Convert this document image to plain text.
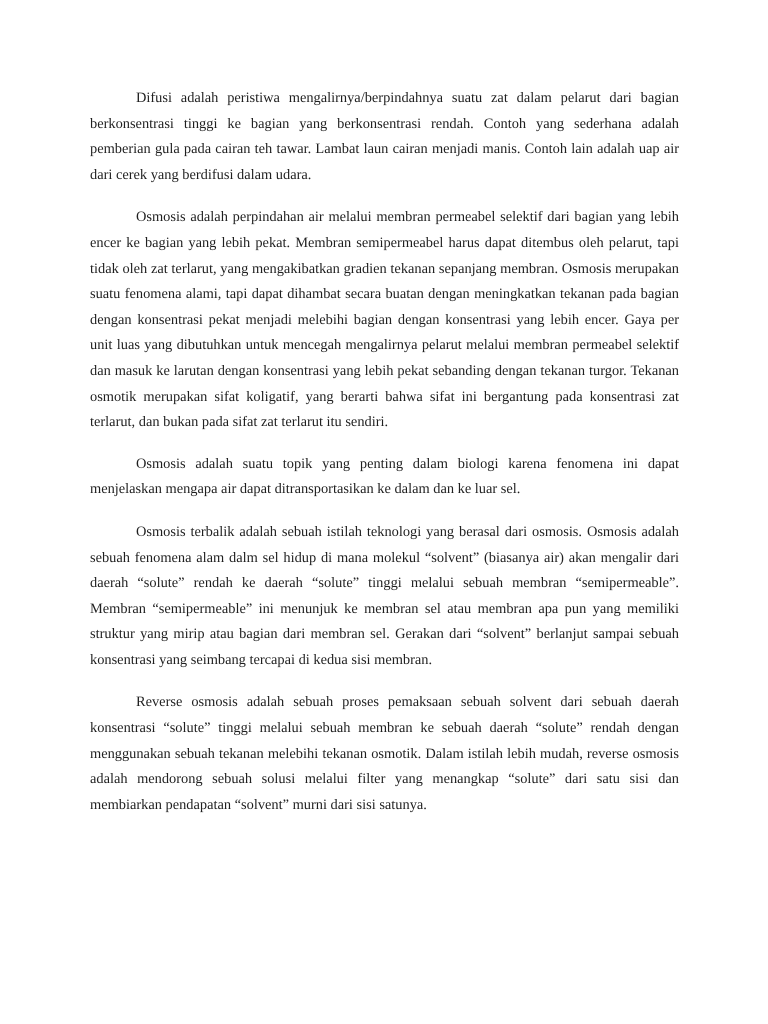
Difusi adalah peristiwa mengalirnya/berpindahnya suatu zat dalam pelarut dari bagian berkonsentrasi tinggi ke bagian yang berkonsentrasi rendah. Contoh yang sederhana adalah pemberian gula pada cairan teh tawar. Lambat laun cairan menjadi manis. Contoh lain adalah uap air dari cerek yang berdifusi dalam udara.

Osmosis adalah perpindahan air melalui membran permeabel selektif dari bagian yang lebih encer ke bagian yang lebih pekat. Membran semipermeabel harus dapat ditembus oleh pelarut, tapi tidak oleh zat terlarut, yang mengakibatkan gradien tekanan sepanjang membran. Osmosis merupakan suatu fenomena alami, tapi dapat dihambat secara buatan dengan meningkatkan tekanan pada bagian dengan konsentrasi pekat menjadi melebihi bagian dengan konsentrasi yang lebih encer. Gaya per unit luas yang dibutuhkan untuk mencegah mengalirnya pelarut melalui membran permeabel selektif dan masuk ke larutan dengan konsentrasi yang lebih pekat sebanding dengan tekanan turgor. Tekanan osmotik merupakan sifat koligatif, yang berarti bahwa sifat ini bergantung pada konsentrasi zat terlarut, dan bukan pada sifat zat terlarut itu sendiri.

Osmosis adalah suatu topik yang penting dalam biologi karena fenomena ini dapat menjelaskan mengapa air dapat ditransportasikan ke dalam dan ke luar sel.

Osmosis terbalik adalah sebuah istilah teknologi yang berasal dari osmosis. Osmosis adalah sebuah fenomena alam dalm sel hidup di mana molekul “solvent” (biasanya air) akan mengalir dari daerah “solute” rendah ke daerah “solute” tinggi melalui sebuah membran “semipermeable”. Membran “semipermeable” ini menunjuk ke membran sel atau membran apa pun yang memiliki struktur yang mirip atau bagian dari membran sel. Gerakan dari “solvent” berlanjut sampai sebuah konsentrasi yang seimbang tercapai di kedua sisi membran.

Reverse osmosis adalah sebuah proses pemaksaan sebuah solvent dari sebuah daerah konsentrasi “solute” tinggi melalui sebuah membran ke sebuah daerah “solute” rendah dengan menggunakan sebuah tekanan melebihi tekanan osmotik. Dalam istilah lebih mudah, reverse osmosis adalah mendorong sebuah solusi melalui filter yang menangkap “solute” dari satu sisi dan membiarkan pendapatan “solvent” murni dari sisi satunya.
